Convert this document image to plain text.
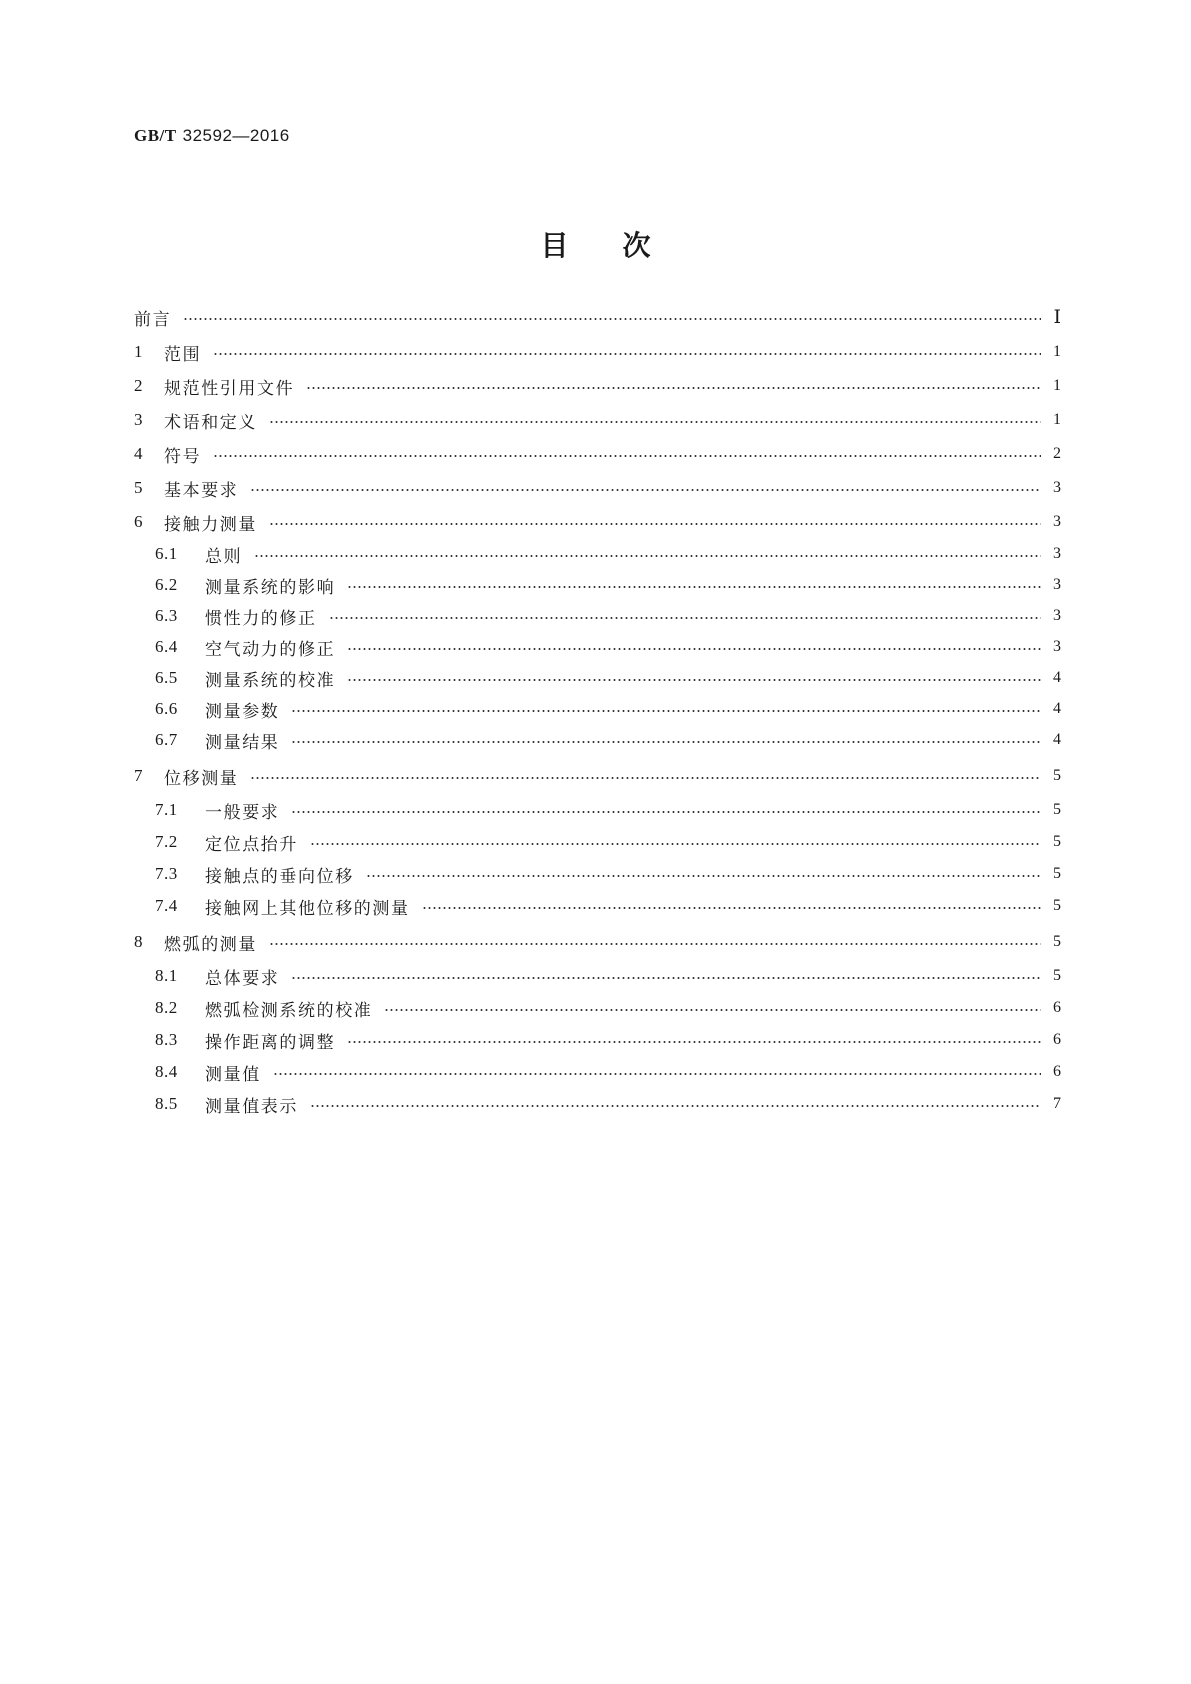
GB/T 32592—2016
目次
前言	Ⅰ
1	范围	1
2	规范性引用文件	1
3	术语和定义	1
4	符号	2
5	基本要求	3
6	接触力测量	3
6.1	总则	3
6.2	测量系统的影响	3
6.3	惯性力的修正	3
6.4	空气动力的修正	3
6.5	测量系统的校准	4
6.6	测量参数	4
6.7	测量结果	4
7	位移测量	5
7.1	一般要求	5
7.2	定位点抬升	5
7.3	接触点的垂向位移	5
7.4	接触网上其他位移的测量	5
8	燃弧的测量	5
8.1	总体要求	5
8.2	燃弧检测系统的校准	6
8.3	操作距离的调整	6
8.4	测量值	6
8.5	测量值表示	7
